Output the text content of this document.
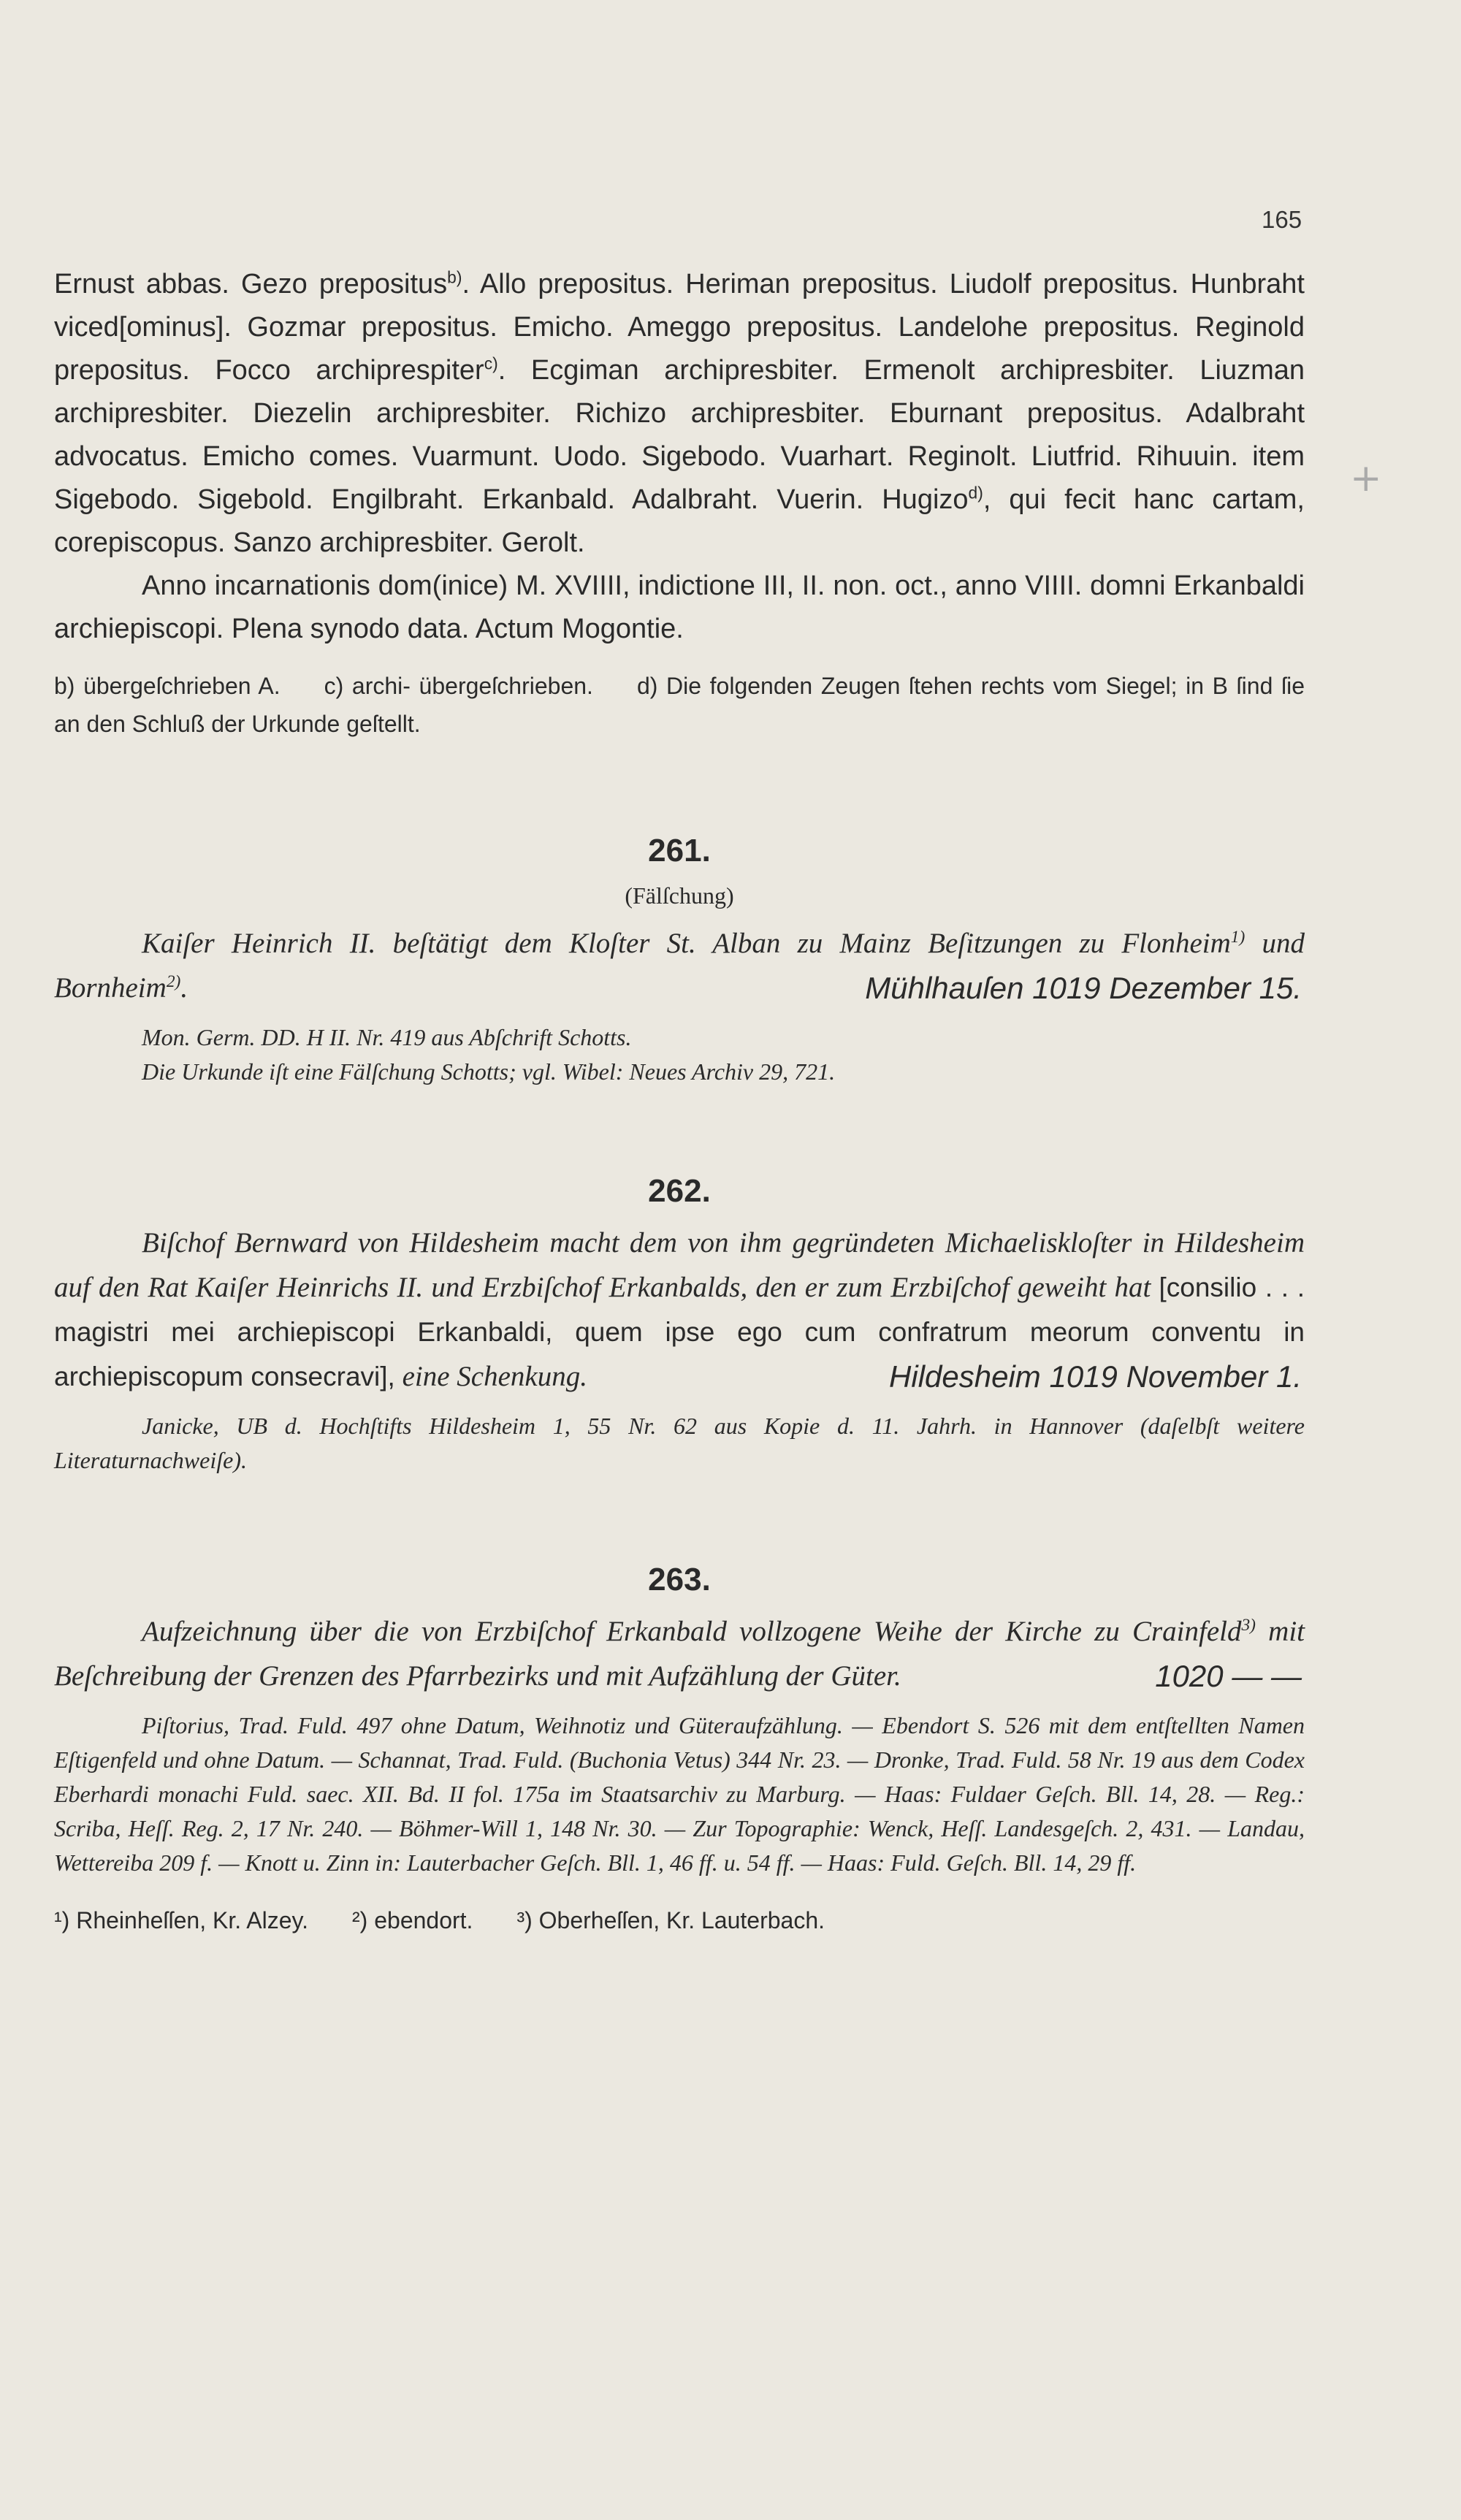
165
+

Ernust abbas. Gezo prepositus$^{b)}$. Allo prepositus. Heriman prepositus. Liudolf prepositus. Hunbraht viced[ominus]. Gozmar prepositus. Emicho. Ameggo prepositus. Landelohe prepositus. Reginold prepositus. Focco archiprespiter$^{c)}$. Ecgiman archipresbiter. Ermenolt archipresbiter. Liuzman archipresbiter. Diezelin archipresbiter. Richizo archipresbiter. Eburnant prepositus. Adalbraht advocatus. Emicho comes. Vuarmunt. Uodo. Sigebodo. Vuarhart. Reginolt. Liutfrid. Rihuuin. item Sigebodo. Sigebold. Engilbraht. Erkanbald. Adalbraht. Vuerin. Hugizo$^{d)}$, qui fecit hanc cartam, corepiscopus. Sanzo archipresbiter. Gerolt.

Anno incarnationis dom(inice) M. XVIIII, indictione III, II. non. oct., anno VIIII. domni Erkanbaldi archiepiscopi. Plena synodo data. Actum Mogontie.

b) übergeſchrieben A. c) archi- übergeſchrieben. d) Die folgenden Zeugen ſtehen rechts vom Siegel; in B ſind ſie an den Schluß der Urkunde geſtellt.

261.
(Fälſchung)

Kaiſer Heinrich II. beſtätigt dem Kloſter St. Alban zu Mainz Beſitzungen zu Flonheim$^{1)}$ und Bornheim$^{2)}$.	Mühlhauſen 1019 Dezember 15.

Mon. Germ. DD. H II. Nr. 419 aus Abſchrift Schotts.
Die Urkunde iſt eine Fälſchung Schotts; vgl. Wibel: Neues Archiv 29, 721.

262.

Biſchof Bernward von Hildesheim macht dem von ihm gegründeten Michaeliskloſter in Hildesheim auf den Rat Kaiſer Heinrichs II. und Erzbiſchof Erkanbalds, den er zum Erzbiſchof geweiht hat [consilio . . . magistri mei archiepiscopi Erkanbaldi, quem ipse ego cum confratrum meorum conventu in archiepiscopum consecravi], eine Schenkung.	Hildesheim 1019 November 1.

Janicke, UB d. Hochſtifts Hildesheim 1, 55 Nr. 62 aus Kopie d. 11. Jahrh. in Hannover (daſelbſt weitere Literaturnachweiſe).

263.

Aufzeichnung über die von Erzbiſchof Erkanbald vollzogene Weihe der Kirche zu Crainfeld$^{3)}$ mit Beſchreibung der Grenzen des Pfarrbezirks und mit Aufzählung der Güter.	1020 — —

Piſtorius, Trad. Fuld. 497 ohne Datum, Weihnotiz und Güteraufzählung. — Ebendort S. 526 mit dem entſtellten Namen Eſtigenfeld und ohne Datum. — Schannat, Trad. Fuld. (Buchonia Vetus) 344 Nr. 23. — Dronke, Trad. Fuld. 58 Nr. 19 aus dem Codex Eberhardi monachi Fuld. saec. XII. Bd. II fol. 175a im Staatsarchiv zu Marburg. — Haas: Fuldaer Geſch. Bll. 14, 28. — Reg.: Scriba, Heſſ. Reg. 2, 17 Nr. 240. — Böhmer-Will 1, 148 Nr. 30. — Zur Topographie: Wenck, Heſſ. Landesgeſch. 2, 431. — Landau, Wettereiba 209 f. — Knott u. Zinn in: Lauterbacher Geſch. Bll. 1, 46 ff. u. 54 ff. — Haas: Fuld. Geſch. Bll. 14, 29 ff.

¹) Rheinheſſen, Kr. Alzey. ²) ebendort. ³) Oberheſſen, Kr. Lauterbach.
